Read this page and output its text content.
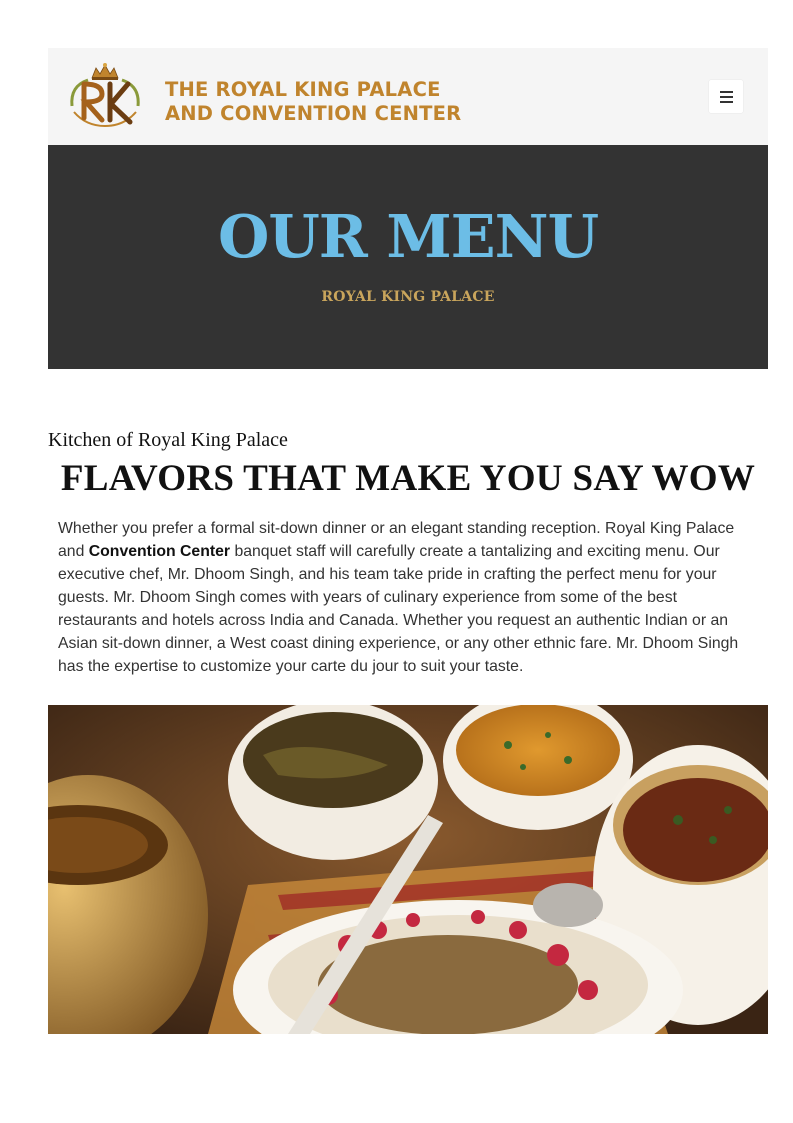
THE ROYAL KING PALACE
AND CONVENTION CENTER
OUR MENU
ROYAL KING PALACE

Kitchen of Royal King Palace

FLAVORS THAT MAKE YOU SAY WOW

Whether you prefer a formal sit-down dinner or an elegant standing reception. Royal King Palace and Convention Center banquet staff will carefully create a tantalizing and exciting menu. Our executive chef, Mr. Dhoom Singh, and his team take pride in crafting the perfect menu for your guests. Mr. Dhoom Singh comes with years of culinary experience from some of the best restaurants and hotels across India and Canada. Whether you request an authentic Indian or an Asian sit-down dinner, a West coast dining experience, or any other ethnic fare. Mr. Dhoom Singh has the expertise to customize your carte du jour to suit your taste.
